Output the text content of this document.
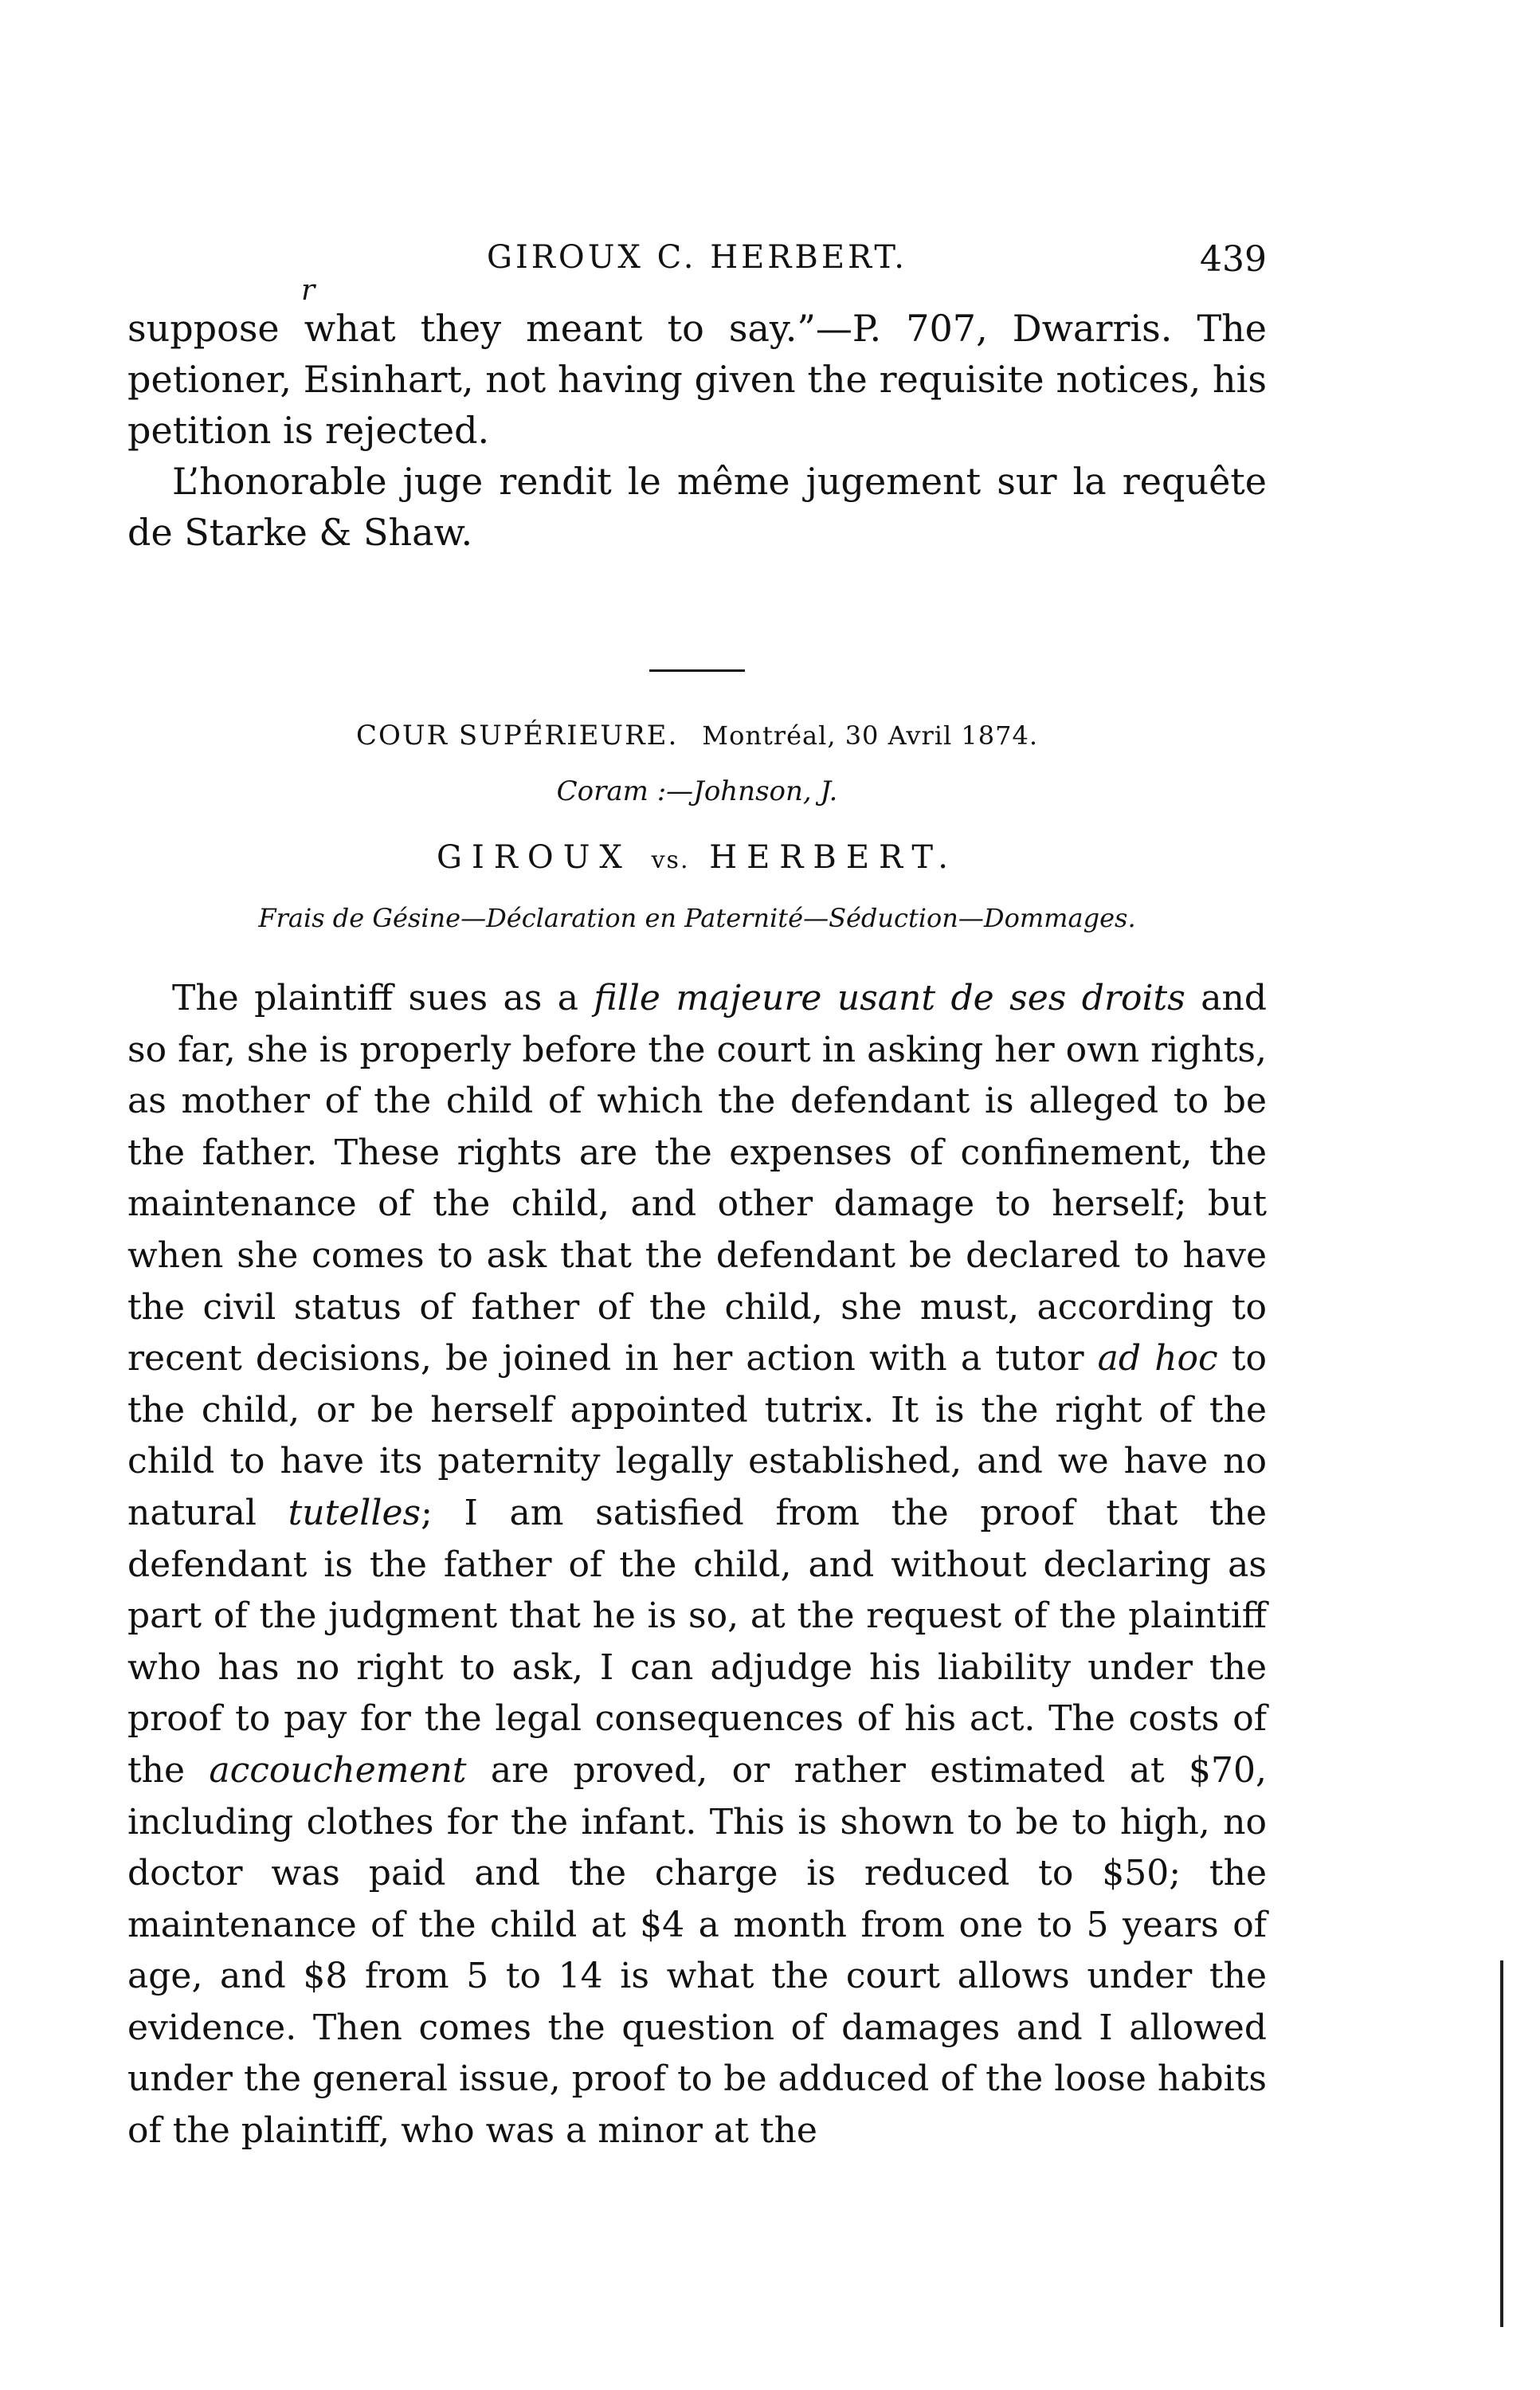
r
GIROUX C. HERBERT.	439

suppose what they meant to say.”—P. 707, Dwarris. The petioner, Esinhart, not having given the requisite notices, his petition is rejected.

L’honorable juge rendit le même jugement sur la requête de Starke & Shaw.

COUR SUPÉRIEURE. Montréal, 30 Avril 1874.

Coram :—Johnson, J.

GIROUX vs. HERBERT.

Frais de Gésine—Déclaration en Paternité—Séduction—Dommages.

The plaintiff sues as a fille majeure usant de ses droits and so far, she is properly before the court in asking her own rights, as mother of the child of which the defendant is alleged to be the father. These rights are the expenses of confinement, the maintenance of the child, and other damage to herself; but when she comes to ask that the defendant be declared to have the civil status of father of the child, she must, according to recent decisions, be joined in her action with a tutor ad hoc to the child, or be herself appointed tutrix. It is the right of the child to have its paternity legally established, and we have no natural tutelles; I am satisfied from the proof that the defendant is the father of the child, and without declaring as part of the judgment that he is so, at the request of the plaintiff who has no right to ask, I can adjudge his liability under the proof to pay for the legal consequences of his act. The costs of the accouchement are proved, or rather estimated at $70, including clothes for the infant. This is shown to be to high, no doctor was paid and the charge is reduced to $50; the maintenance of the child at $4 a month from one to 5 years of age, and $8 from 5 to 14 is what the court allows under the evidence. Then comes the question of damages and I allowed under the general issue, proof to be adduced of the loose habits of the plaintiff, who was a minor at the
